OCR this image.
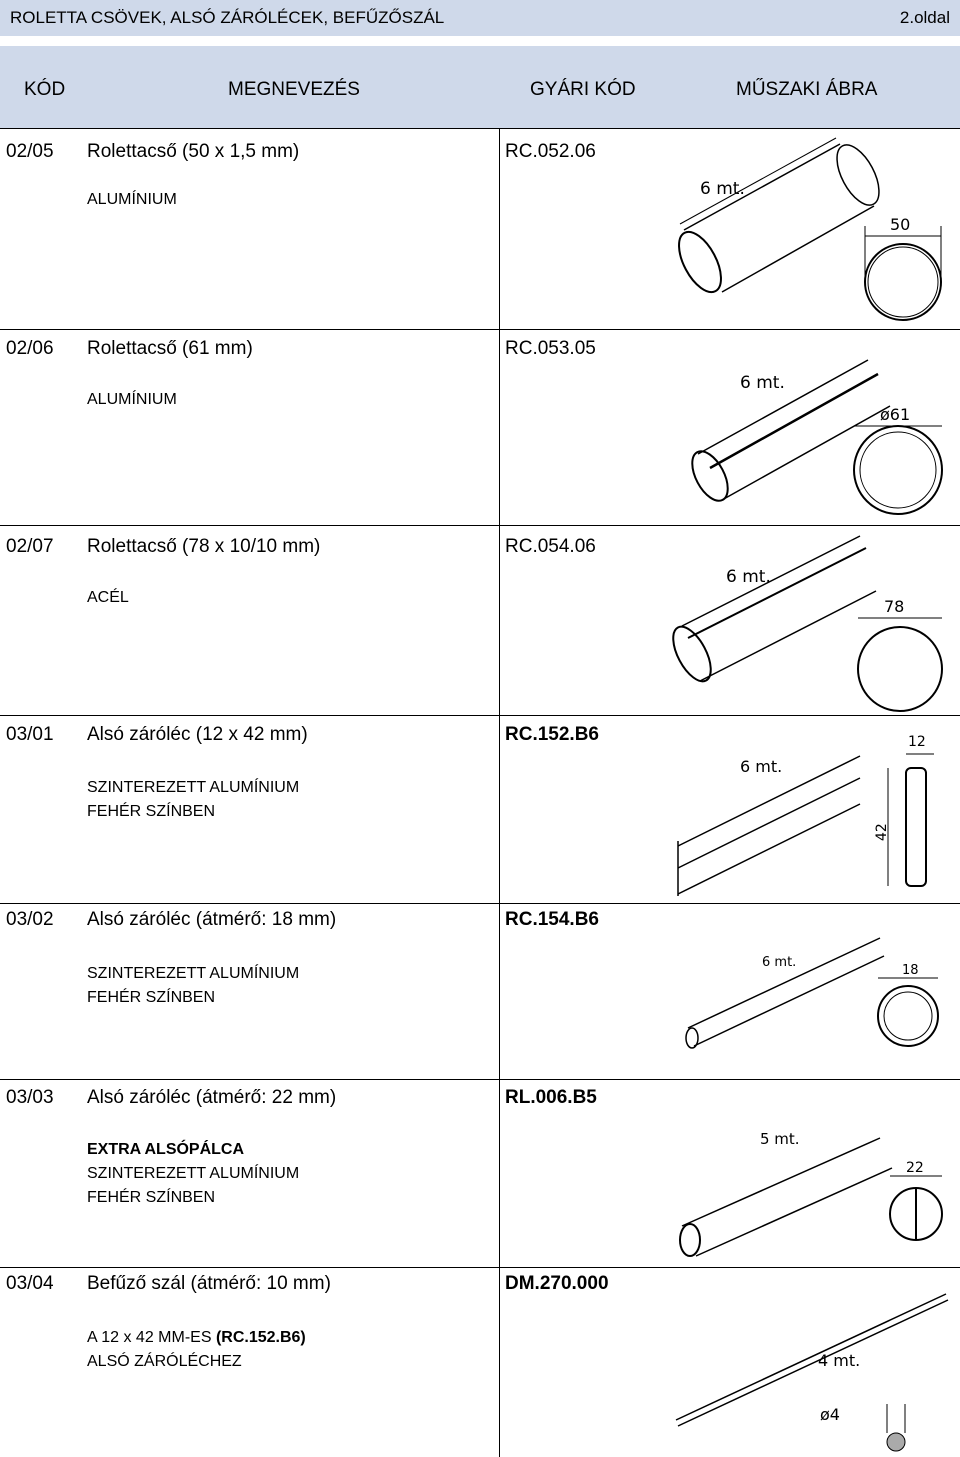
ROLETTA CSÖVEK, ALSÓ ZÁRÓLÉCEK, BEFŰZŐSZÁL	2.oldal
KÓD	MEGNEVEZÉS	GYÁRI KÓD	MŰSZAKI ÁBRA
02/05 Rolettacső (50 x 1,5 mm)	RC.052.06
ALUMÍNIUM
6 mt.
50
02/06 Rolettacső (61 mm)	RC.053.05
ALUMÍNIUM
6 mt.
ø61
02/07 Rolettacső (78 x 10/10 mm)	RC.054.06
ACÉL
6 mt.
78
03/01 Alsó záróléc (12 x 42 mm)	RC.152.B6
SZINTEREZETT ALUMÍNIUM
FEHÉR SZÍNBEN
6 mt.
12
42
03/02 Alsó záróléc (átmérő: 18 mm)	RC.154.B6
SZINTEREZETT ALUMÍNIUM
FEHÉR SZÍNBEN
6 mt.
18
03/03 Alsó záróléc (átmérő: 22 mm)	RL.006.B5
EXTRA ALSÓPÁLCA
SZINTEREZETT ALUMÍNIUM
FEHÉR SZÍNBEN
5 mt.
22
03/04 Befűző szál (átmérő: 10 mm)	DM.270.000
A 12 x 42 MM-ES (RC.152.B6)
ALSÓ ZÁRÓLÉCHEZ	4 mt.
ø4
